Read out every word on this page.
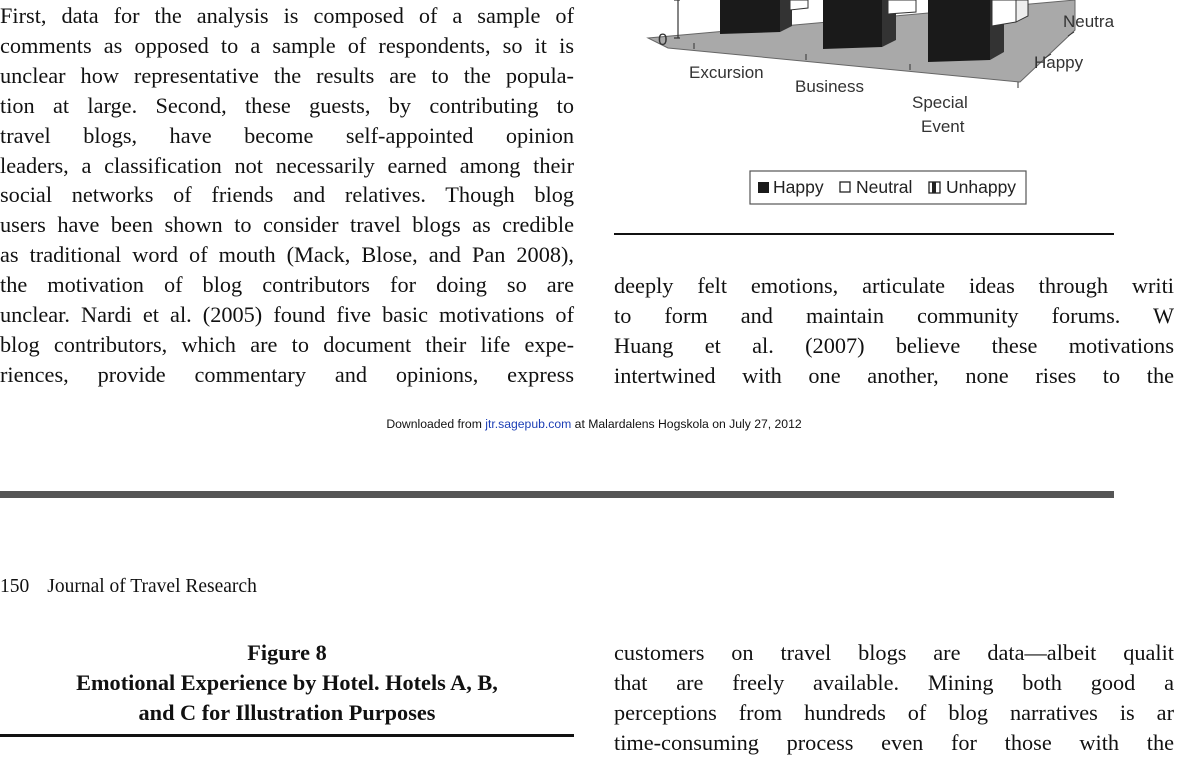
First, data for the analysis is composed of a sample of
comments as opposed to a sample of respondents, so it is
unclear how representative the results are to the popula-
tion at large. Second, these guests, by contributing to
travel blogs, have become self-appointed opinion
leaders, a classification not necessarily earned among their
social networks of friends and relatives. Though blog
users have been shown to consider travel blogs as credible
as traditional word of mouth (Mack, Blose, and Pan 2008),
the motivation of blog contributors for doing so are
unclear. Nardi et al. (2005) found five basic motivations of
blog contributors, which are to document their life expe-
riences, provide commentary and opinions, express
0
Excursion
Business
Special
Event
Happy
Neutra
Happy Neutral Unhappy
deeply felt emotions, articulate ideas through writi
to form and maintain community forums. W
Huang et al. (2007) believe these motivations
intertwined with one another, none rises to the
Downloaded from jtr.sagepub.com at Malardalens Hogskola on July 27, 2012
150 Journal of Travel Research
Figure 8
Emotional Experience by Hotel. Hotels A, B,
and C for Illustration Purposes
customers on travel blogs are data—albeit qualit
that are freely available. Mining both good a
perceptions from hundreds of blog narratives is ar
time-consuming process even for those with the
